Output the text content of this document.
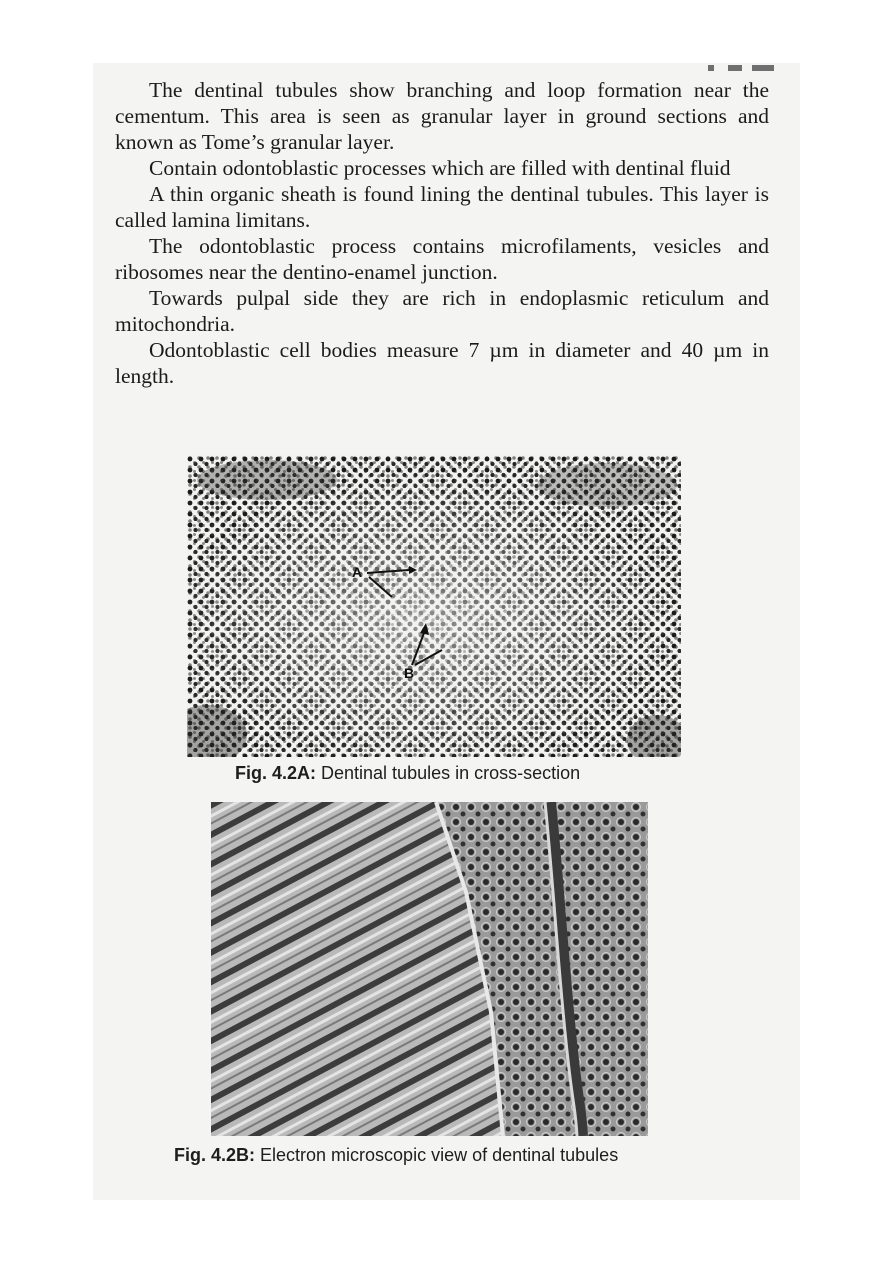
The dentinal tubules show branching and loop formation near the cementum. This area is seen as granular layer in ground sections and known as Tome’s granular layer.

Contain odontoblastic processes which are filled with dentinal fluid

A thin organic sheath is found lining the dentinal tubules. This layer is called lamina limitans.

The odontoblastic process contains microfilaments, vesicles and ribosomes near the dentino-enamel junction.

Towards pulpal side they are rich in endoplasmic reticulum and mitochondria.

Odontoblastic cell bodies measure 7 µm in diameter and 40 µm in length.

A
B
Fig. 4.2A: Dentinal tubules in cross-section
Fig. 4.2B: Electron microscopic view of dentinal tubules
